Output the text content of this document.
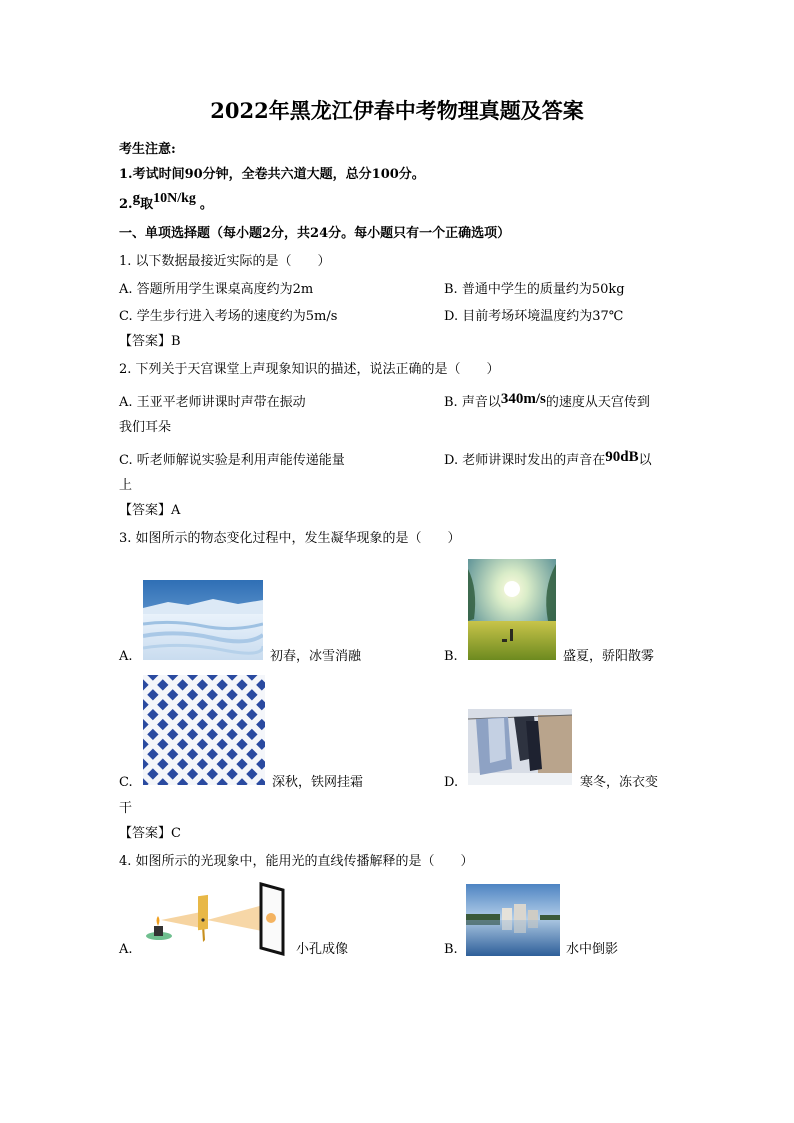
2022年黑龙江伊春中考物理真题及答案
考生注意:
1.考试时间90分钟，全卷共六道大题，总分100分。
2.g取10N/kg 。
一、单项选择题（每小题2分，共24分。每小题只有一个正确选项）
1. 以下数据最接近实际的是（　　）
A. 答题所用学生课桌高度约为2m	B. 普通中学生的质量约为50kg
C. 学生步行进入考场的速度约为5m/s	D. 目前考场环境温度约为37℃
【答案】B
2. 下列关于天宫课堂上声现象知识的描述，说法正确的是（　　）
A. 王亚平老师讲课时声带在振动	B. 声音以340m/s的速度从天宫传到
我们耳朵
C. 听老师解说实验是利用声能传递能量	D. 老师讲课时发出的声音在90dB以
上
【答案】A
3. 如图所示的物态变化过程中，发生凝华现象的是（　　）
A.	初春，冰雪消融	B.	盛夏，骄阳散雾
C.	深秋，铁网挂霜	D.	寒冬，冻衣变
干
【答案】C
4. 如图所示的光现象中，能用光的直线传播解释的是（　　）
A.	小孔成像	B.	水中倒影
